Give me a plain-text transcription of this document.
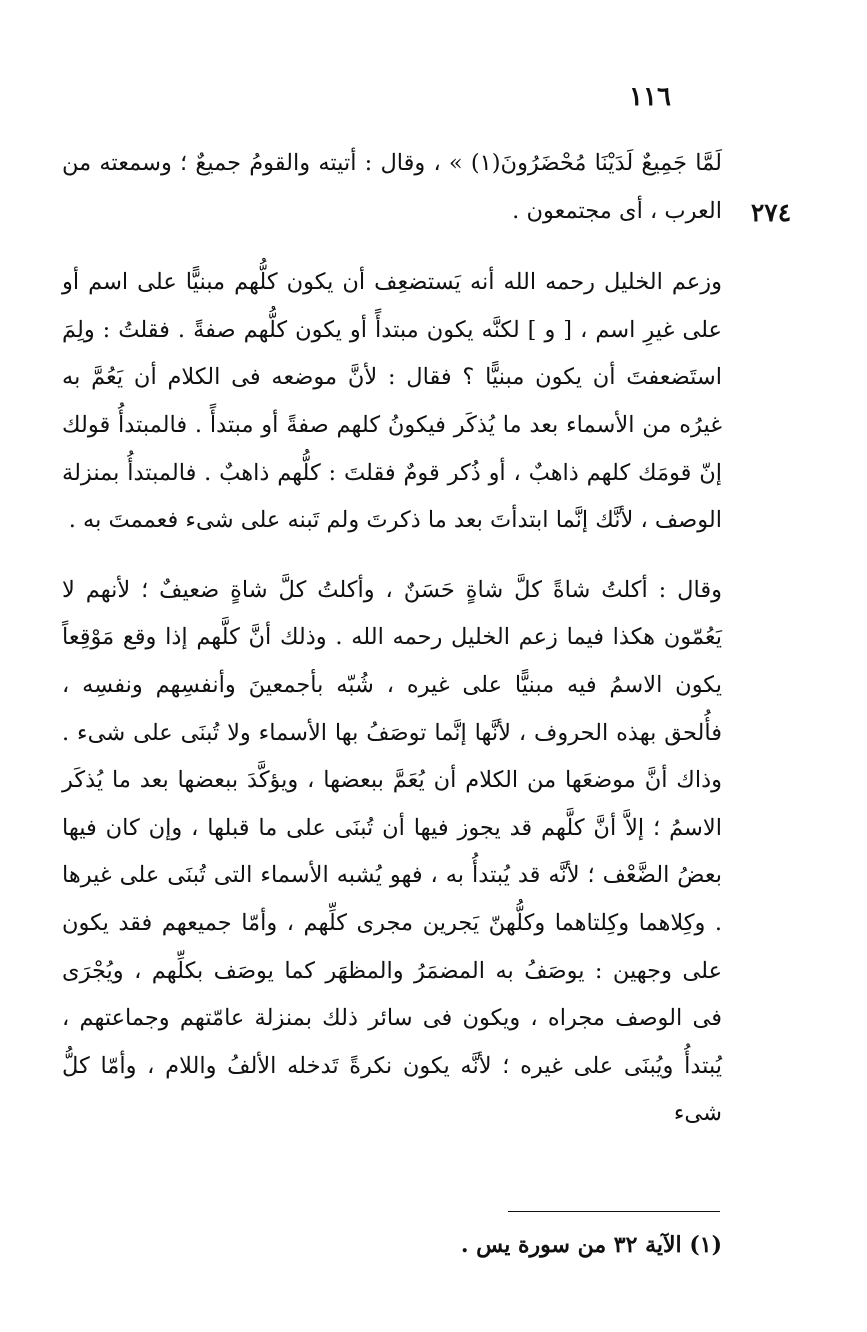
١١٦
٢٧٤

لَمَّا جَمِيعٌ لَدَيْنَا مُحْضَرُونَ(١) » ، وقال : أتيته والقومُ جميعٌ ؛ وسمعته من العرب ، أى مجتمعون .

وزعم الخليل رحمه الله أنه يَستضعِف أن يكون كلُّهم مبنيًّا على اسم أو على غيرِ اسم ، [ و ] لكنَّه يكون مبتدأً أو يكون كلُّهم صفةً . فقلتُ : ولِمَ استَضعفتَ أن يكون مبنيًّا ؟ فقال : لأنَّ موضعه فى الكلام أن يَعُمَّ به غيرُه من الأسماء بعد ما يُذكَر فيكونُ كلهم صفةً أو مبتدأً . فالمبتدأُ قولك إنّ قومَك كلهم ذاهبٌ ، أو ذُكر قومٌ فقلتَ : كلُّهم ذاهبٌ . فالمبتدأُ بمنزلة الوصف ، لأنَّك إنَّما ابتدأتَ بعد ما ذكرتَ ولم تَبنه على شىء فعممتَ به .

وقال : أكلتُ شاةً كلَّ شاةٍ حَسَنٌ ، وأكلتُ كلَّ شاةٍ ضعيفٌ ؛ لأنهم لا يَعُمّون هكذا فيما زعم الخليل رحمه الله . وذلك أنَّ كلَّهم إذا وقع مَوْقِعاً يكون الاسمُ فيه مبنيًّا على غيره ، شُبّه بأجمعينَ وأنفسِهم ونفسِه ، فأُلحق بهذه الحروف ، لأنَّها إنَّما توصَفُ بها الأسماء ولا تُبنَى على شىء . وذاك أنَّ موضعَها من الكلام أن يُعَمَّ ببعضها ، ويؤكَّدَ ببعضها بعد ما يُذكَر الاسمُ ؛ إلاَّ أنَّ كلَّهم قد يجوز فيها أن تُبنَى على ما قبلها ، وإن كان فيها بعضُ الضَّعْف ؛ لأنَّه قد يُبتدأُ به ، فهو يُشبه الأسماء التى تُبنَى على غيرها . وكِلاهما وكِلتاهما وكلُّهنّ يَجرين مجرى كلِّهم ، وأمّا جميعهم فقد يكون على وجهين : يوصَفُ به المضمَرُ والمظهَر كما يوصَف بكلِّهم ، ويُجْرَى فى الوصف مجراه ، ويكون فى سائر ذلك بمنزلة عامّتهم وجماعتهم ، يُبتدأُ ويُبنَى على غيره ؛ لأنَّه يكون نكرةً تَدخله الألفُ واللام ، وأمّا كلُّ شىء

(١) الآية ٣٢ من سورة يس .
